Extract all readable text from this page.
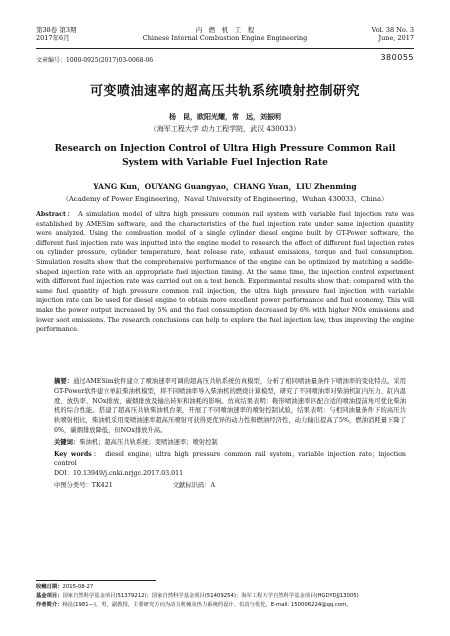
第38卷 第3期
2017年6月
内　燃　机　工　程
Chinese Internal Combustion Engine Engineering
Vol. 38 No. 3
June, 2017
文章编号：1000-0925(2017)03-0068-06	380055
可变喷油速率的超高压共轨系统喷射控制研究
杨　昆，欧阳光耀，常　远，刘振明
（海军工程大学 动力工程学院，武汉 430033）
Research on Injection Control of Ultra High Pressure Common Rail System with Variable Fuel Injection Rate
YANG Kun，OUYANG Guangyao，CHANG Yuan，LIU Zhenming
（Academy of Power Engineering，Naval University of Engineering，Wuhan 430033，China）
Abstract： A simulation model of ultra high pressure common rail system with variable fuel injection rate was established by AMESim software, and the characteristics of the fuel injection rate under same injection quantity were analyzed. Using the combustion model of a single cylinder diesel engine built by GT-Power software, the different fuel injection rate was inputted into the engine model to research the effect of different fuel injection rates on cylinder pressure, cylinder temperature, heat release rate, exhaust emissions, torque and fuel consumption. Simulation results show that the comprehensive performance of the engine can be optimized by matching a saddle-shaped injection rate with an appropriate fuel injection timing. At the same time, the injection control experiment with different fuel injection rate was carried out on a test bench. Experimental results show that: compared with the same fuel quantity of high pressure common rail injection, the ultra high pressure fuel injection with variable injection rate can be used for diesel engine to obtain more excellent power performance and fuel economy. This will make the power output increased by 5% and the fuel consumption decreased by 6% with higher NOx emissions and lower soot emissions. The research conclusions can help to explore the fuel injection law, thus improving the engine performance.

摘要：通过AMESim软件建立了喷油速率可调的超高压共轨系统仿真模型，分析了相同喷油量条件下喷油率的变化特点。采用GT-Power软件建立单缸柴油机模型，将不同喷油率导入柴油机的燃烧计算模型，研究了不同喷油率对柴油机缸内压力、缸内温度、放热率、NOx排放、碳烟排放及输出转矩和油耗的影响。仿真结果表明：鞍形喷油速率匹配合适的喷油提前角可优化柴油机的综合性能。搭建了超高压共轨柴油机台架，开展了不同喷油速率的喷射控制试验，结果表明：与相同油量条件下的高压共轨喷射相比，柴油机采用变喷油速率超高压喷射可获得更优异的动力性和燃油经济性，动力输出提高了5%，燃油消耗量下降了6%，碳烟排放降低，但NOx排放升高。

关键词：柴油机；超高压共轨系统；变喷油速率；喷射控制
Key words： diesel engine；ultra high pressure common rail system；variable injection rate；injection control
DOI：10.13949/j.cnki.nrjgc.2017.03.011
中图分类号：TK421	文献标识码：A
收稿日期：2015-08-27
基金项目：国家自然科学基金项目(51379212)；国家自然科学基金项目(51409254)；海军工程大学自然科学基金项目(HGDYDJJ13005)
作者简介：杨昆(1981—)，男，副教授，主要研究方向为动力机械及热力系统的设计、仿真与优化，E-mail: 150006224@qq.com。
